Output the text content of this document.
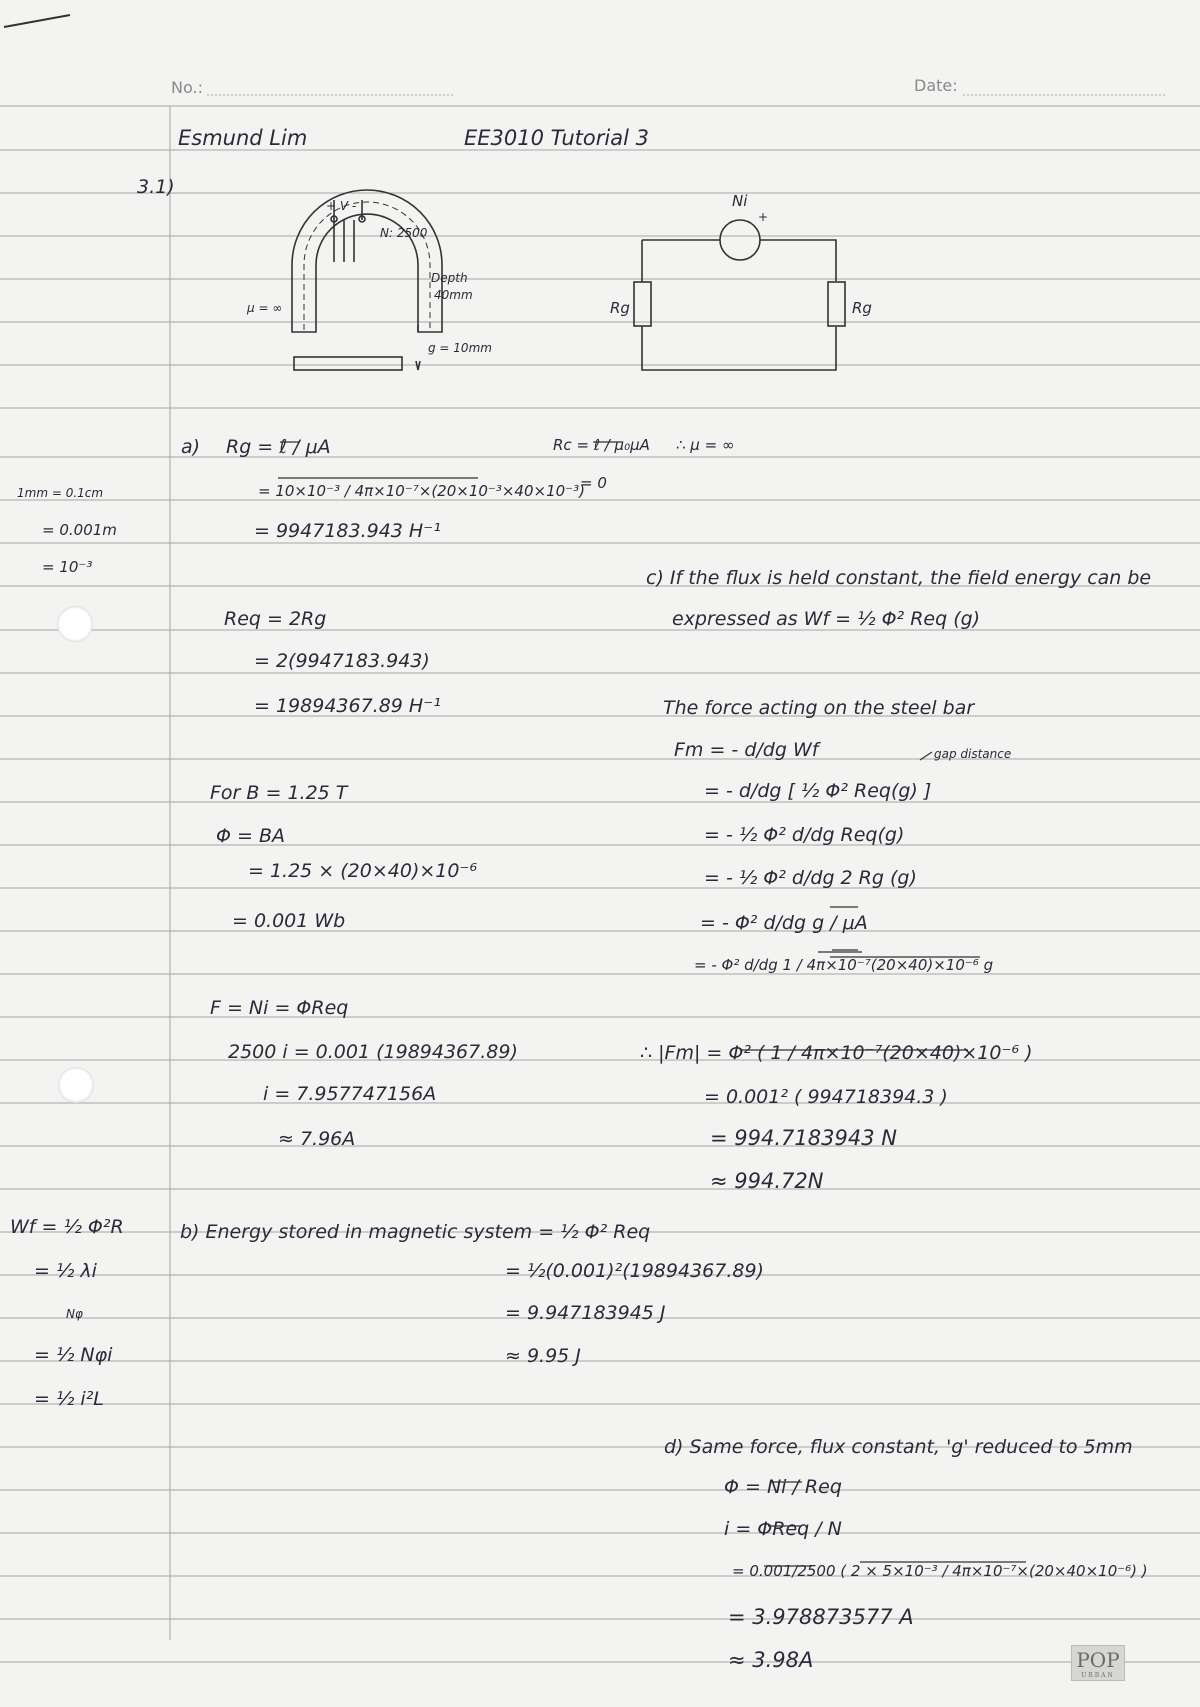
No.:	Date:
Esmund Lim	EE3010 Tutorial 3
3.1)
+ V -
N: 2500
μ = ∞
Depth
40mm
g = 10mm
Ni
+
Rg	Rg
1mm = 0.1cm
= 0.001m
= 10⁻³
Wf = ½ Φ²R
= ½ λi
Nφ
= ½ Nφi
= ½ i²L
a) Rg = ℓ / μA
= 10×10⁻³ / 4π×10⁻⁷×(20×10⁻³×40×10⁻³)
= 9947183.943 H⁻¹
Rc = ℓ / μ₀μA
= 0
∴ μ = ∞
Req = 2Rg
= 2(9947183.943)
= 19894367.89 H⁻¹
For B = 1.25 T
Φ = BA
= 1.25 × (20×40)×10⁻⁶
= 0.001 Wb
F = Ni = ΦReq
2500 i = 0.001 (19894367.89)
i = 7.957747156A
≈ 7.96A
b) Energy stored in magnetic system = ½ Φ² Req
= ½(0.001)²(19894367.89)
= 9.947183945 J
≈ 9.95 J
c) If the flux is held constant, the field energy can be
expressed as Wf = ½ Φ² Req (g)
The force acting on the steel bar
gap distance
Fm = - d/dg Wf
= - d/dg [ ½ Φ² Req(g) ]
= - ½ Φ² d/dg Req(g)
= - ½ Φ² d/dg 2 Rg (g)
= - Φ² d/dg g / μA
= - Φ² d/dg 1 / 4π×10⁻⁷(20×40)×10⁻⁶ g
∴ |Fm| = Φ² ( 1 / 4π×10⁻⁷(20×40)×10⁻⁶ )
= 0.001² ( 994718394.3 )
= 994.7183943 N
≈ 994.72N
d) Same force, flux constant, 'g' reduced to 5mm
Φ = Ni / Req
i = ΦReq / N
= 0.001/2500 ( 2 × 5×10⁻³ / 4π×10⁻⁷×(20×40×10⁻⁶) )
= 3.978873577 A
≈ 3.98A	POP
URBAN
